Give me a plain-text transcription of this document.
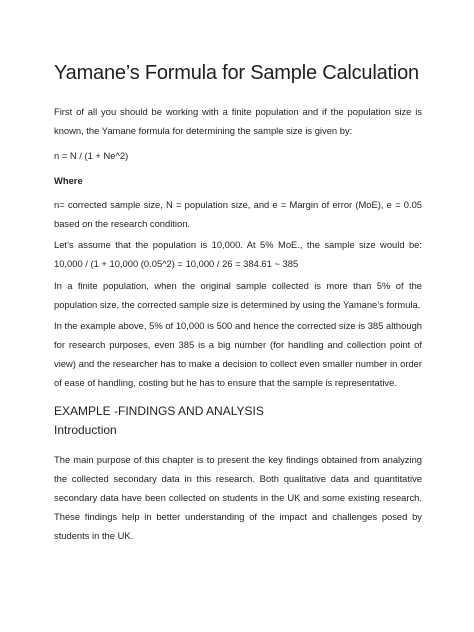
Yamane’s Formula for Sample Calculation

First of all you should be working with a finite population and if the population size is known, the Yamane formula for determining the sample size is given by:

n = N / (1 + Ne^2)

Where

n= corrected sample size, N = population size, and e = Margin of error (MoE), e = 0.05 based on the research condition.

Let’s assume that the population is 10,000. At 5% MoE., the sample size would be: 10,000 / (1 + 10,000 (0.05^2) = 10,000 / 26 = 384.61 ~ 385

In a finite population, when the original sample collected is more than 5% of the population size, the corrected sample size is determined by using the Yamane’s formula.

In the example above, 5% of 10,000 is 500 and hence the corrected size is 385 although for research purposes, even 385 is a big number (for handling and collection point of view) and the researcher has to make a decision to collect even smaller number in order of ease of handling, costing but he has to ensure that the sample is representative.

EXAMPLE -FINDINGS AND ANALYSIS
Introduction

The main purpose of this chapter is to present the key findings obtained from analyzing the collected secondary data in this research. Both qualitative data and quantitative secondary data have been collected on students in the UK and some existing research. These findings help in better understanding of the impact and challenges posed by students in the UK.
